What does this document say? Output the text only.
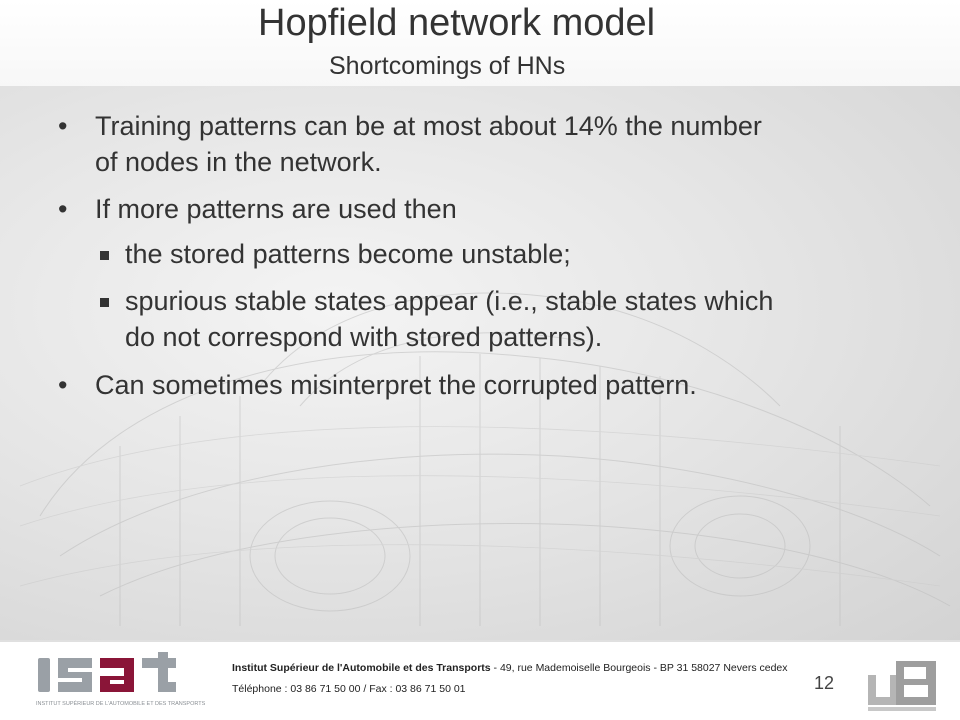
Hopfield network model
Shortcomings of HNs
• Training patterns can be at most about 14% the number
of nodes in the network.
• If more patterns are used then
the stored patterns become unstable;
spurious stable states appear (i.e., stable states which
do not correspond with stored patterns).
• Can sometimes misinterpret the corrupted pattern.
INSTITUT SUPÉRIEUR DE L'AUTOMOBILE ET DES TRANSPORTS
Institut Supérieur de l'Automobile et des Transports - 49, rue Mademoiselle Bourgeois - BP 31 58027 Nevers cedex
Téléphone : 03 86 71 50 00 / Fax : 03 86 71 50 01	12
